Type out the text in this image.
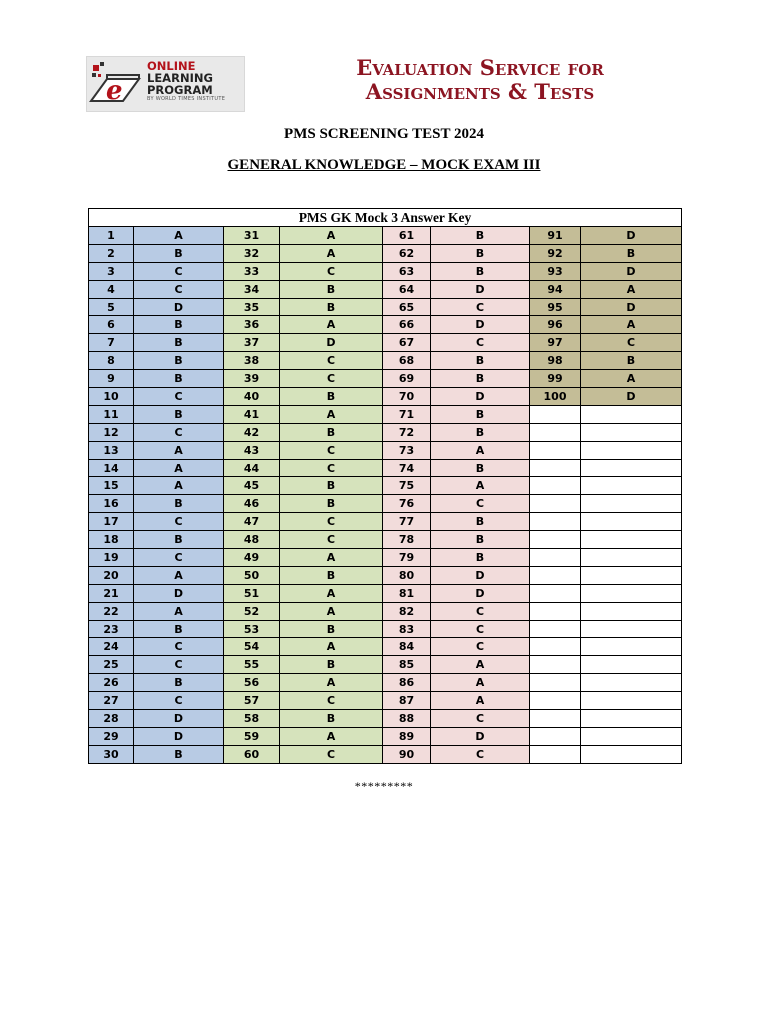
e
ONLINE
LEARNING
PROGRAM
BY WORLD TIMES INSTITUTE
Evaluation Service for
Assignments & Tests
PMS SCREENING TEST 2024
GENERAL KNOWLEDGE – MOCK EXAM III
PMS GK Mock 3 Answer Key							
1	A	31	A	61	B	91	D
2	B	32	A	62	B	92	B
3	C	33	C	63	B	93	D
4	C	34	B	64	D	94	A
5	D	35	B	65	C	95	D
6	B	36	A	66	D	96	A
7	B	37	D	67	C	97	C
8	B	38	C	68	B	98	B
9	B	39	C	69	B	99	A
10	C	40	B	70	D	100	D
11	B	41	A	71	B		
12	C	42	B	72	B		
13	A	43	C	73	A		
14	A	44	C	74	B		
15	A	45	B	75	A		
16	B	46	B	76	C		
17	C	47	C	77	B		
18	B	48	C	78	B		
19	C	49	A	79	B		
20	A	50	B	80	D		
21	D	51	A	81	D		
22	A	52	A	82	C		
23	B	53	B	83	C		
24	C	54	A	84	C		
25	C	55	B	85	A		
26	B	56	A	86	A		
27	C	57	C	87	A		
28	D	58	B	88	C		
29	D	59	A	89	D		
30	B	60	C	90	C		
*********
